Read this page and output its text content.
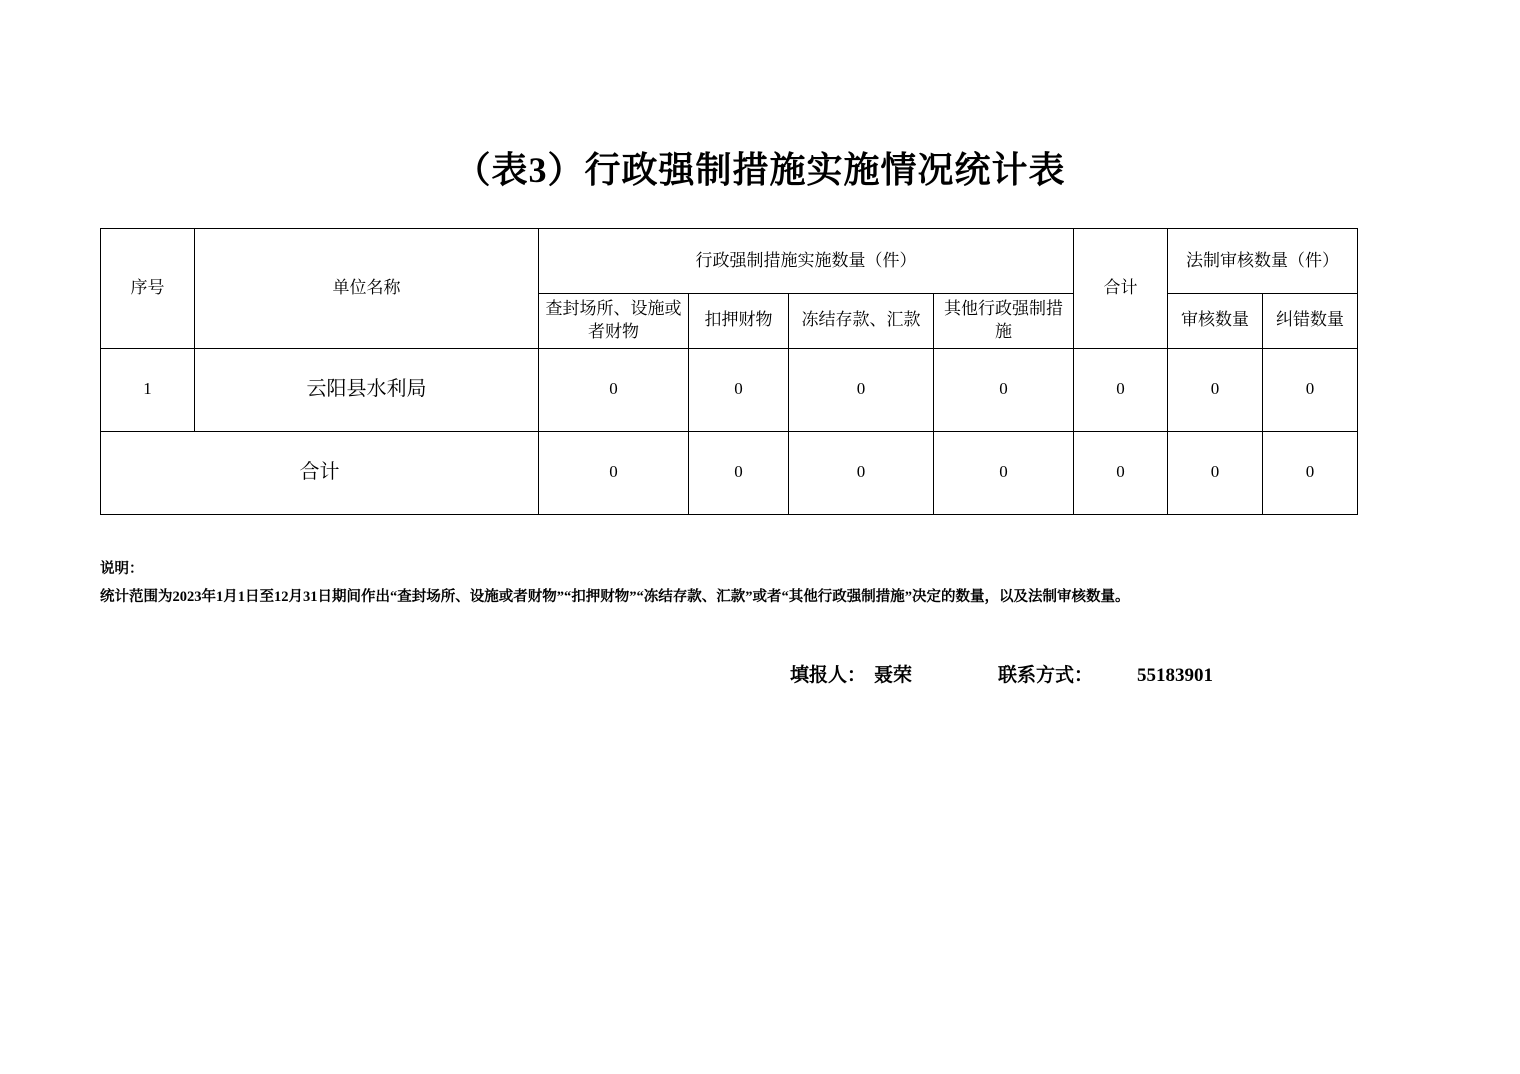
（表3）行政强制措施实施情况统计表
序号	单位名称	行政强制措施实施数量（件）				合计	法制审核数量（件）	
		查封场所、设施或者财物	扣押财物	冻结存款、汇款	其他行政强制措施		审核数量	纠错数量

1	云阳县水利局	0	0	0	0	0	0	0
合计		0	0	0	0	0	0	0
说明：
统计范围为2023年1月1日至12月31日期间作出“查封场所、设施或者财物”“扣押财物”“冻结存款、汇款”或者“其他行政强制措施”决定的数量，以及法制审核数量。
填报人： 聂荣	联系方式： 55183901
